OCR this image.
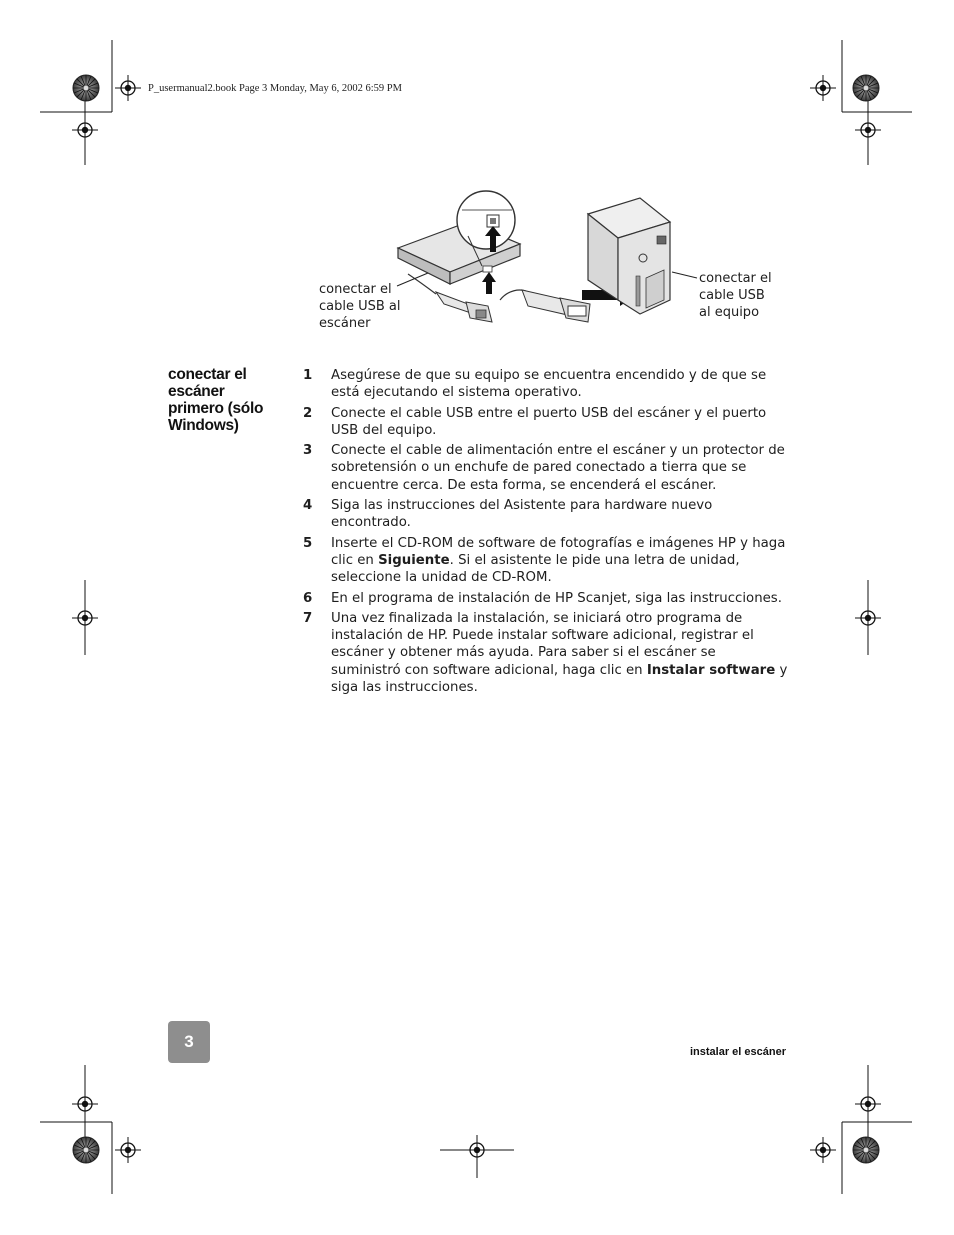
P_usermanual2.book Page 3 Monday, May 6, 2002 6:59 PM
conectar el
cable USB al
escáner
conectar el
cable USB
al equipo
conectar el escáner primero (sólo Windows)
1	Asegúrese de que su equipo se encuentra encendido y de que se está ejecutando el sistema operativo.
2	Conecte el cable USB entre el puerto USB del escáner y el puerto USB del equipo.
3	Conecte el cable de alimentación entre el escáner y un protector de sobretensión o un enchufe de pared conectado a tierra que se encuentre cerca. De esta forma, se encenderá el escáner.
4	Siga las instrucciones del Asistente para hardware nuevo encontrado.
5	Inserte el CD-ROM de software de fotografías e imágenes HP y haga clic en Siguiente. Si el asistente le pide una letra de unidad, seleccione la unidad de CD-ROM.
6	En el programa de instalación de HP Scanjet, siga las instrucciones.
7	Una vez finalizada la instalación, se iniciará otro programa de instalación de HP. Puede instalar software adicional, registrar el escáner y obtener más ayuda. Para saber si el escáner se suministró con software adicional, haga clic en Instalar software y siga las instrucciones.
3
instalar el escáner
